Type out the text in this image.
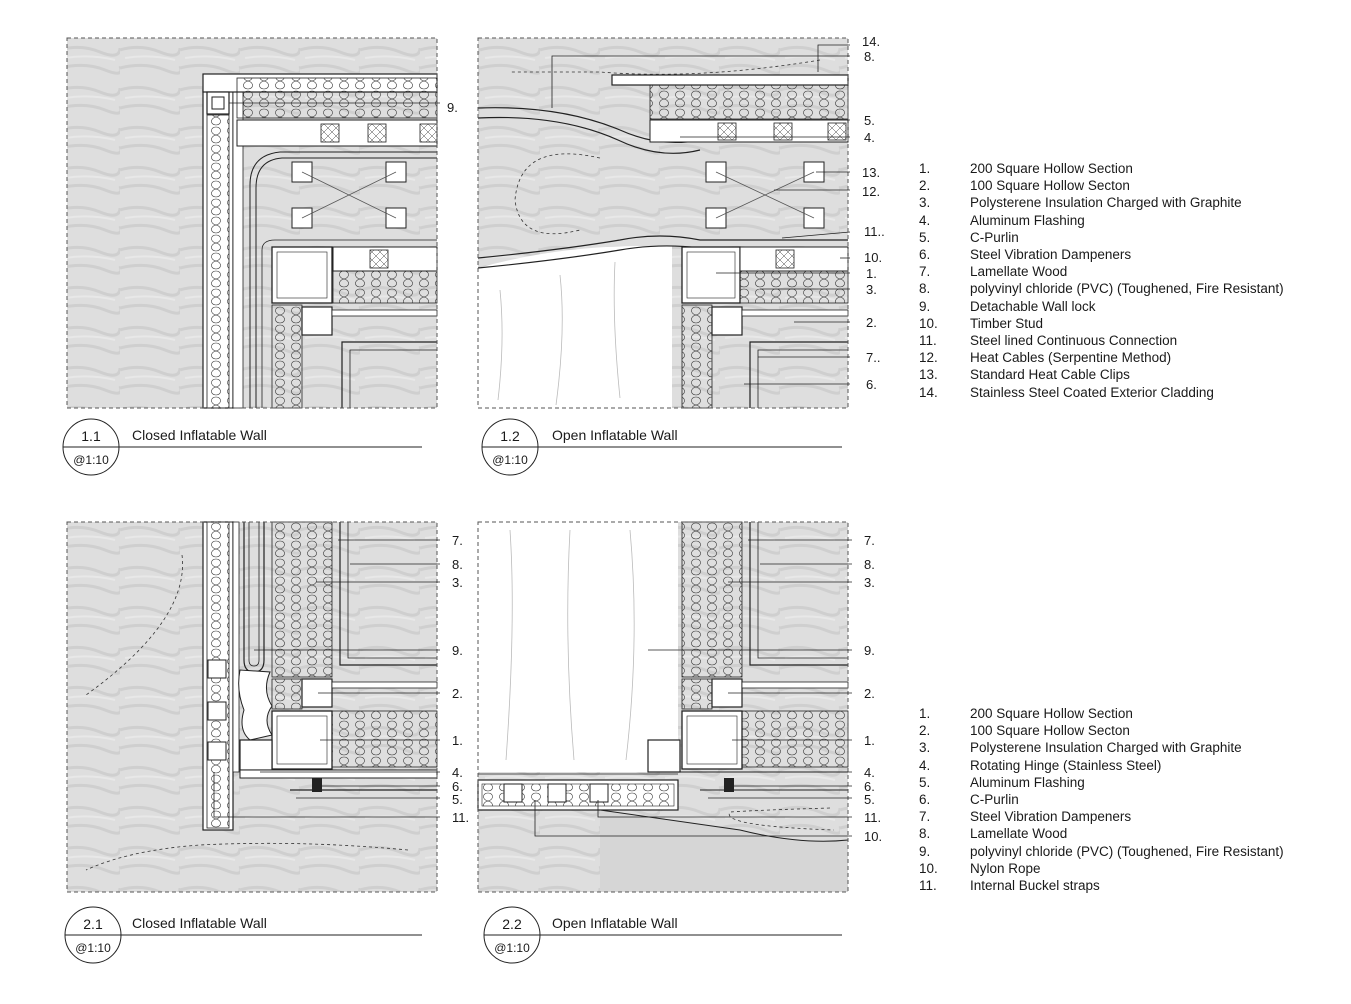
9.
14.
8.
5.
4.
13.
12.
11..
10.
1.
3.
2.
7..
6.
7.
8.
3.
9.
2.
1.
4.
6.
5.
11.
7.
8.
3.
9.
2.
1.
4.
6.
5.
11.
10.
1.1
@1:10
Closed Inflatable Wall	1.2
@1:10
Open Inflatable Wall
2.1
@1:10
Closed Inflatable Wall	2.2
@1:10
Open Inflatable Wall
1.	200 Square Hollow Section
2.	100 Square Hollow Secton
3.	Polysterene Insulation Charged with Graphite
4.	Aluminum Flashing
5.	C-Purlin
6.	Steel Vibration Dampeners
7.	Lamellate Wood
8.	polyvinyl chloride (PVC) (Toughened, Fire Resistant)
9.	Detachable Wall lock
10.	Timber Stud
11.	Steel lined Continuous Connection
12.	Heat Cables (Serpentine Method)
13.	Standard Heat Cable Clips
14.	Stainless Steel Coated Exterior Cladding
1.	200 Square Hollow Section
2.	100 Square Hollow Secton
3.	Polysterene Insulation Charged with Graphite
4.	Rotating Hinge (Stainless Steel)
5.	Aluminum Flashing
6.	C-Purlin
7.	Steel Vibration Dampeners
8.	Lamellate Wood
9.	polyvinyl chloride (PVC) (Toughened, Fire Resistant)
10.	Nylon Rope
11.	Internal Buckel straps
